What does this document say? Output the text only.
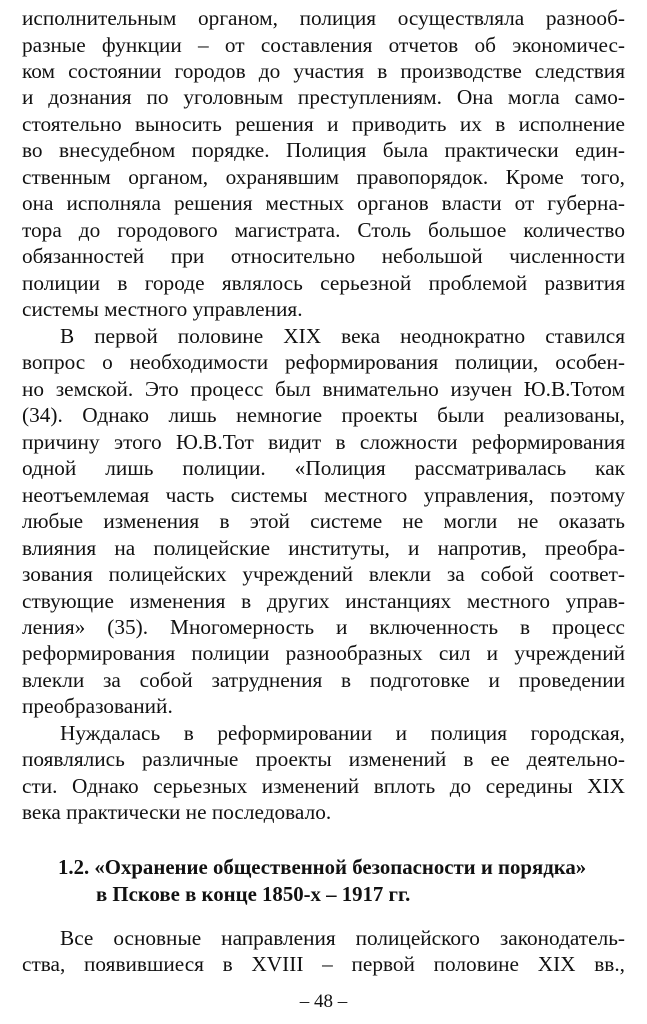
исполнительным органом, полиция осуществляла разнооб-
разные функции – от составления отчетов об экономичес-
ком состоянии городов до участия в производстве следствия
и дознания по уголовным преступлениям. Она могла само-
стоятельно выносить решения и приводить их в исполнение
во внесудебном порядке. Полиция была практически един-
ственным органом, охранявшим правопорядок. Кроме того,
она исполняла решения местных органов власти от губерна-
тора до городового магистрата. Столь большое количество
обязанностей при относительно небольшой численности
полиции в городе являлось серьезной проблемой развития
системы местного управления.
В первой половине XIX века неоднократно ставился
вопрос о необходимости реформирования полиции, особен-
но земской. Это процесс был внимательно изучен Ю.В.Тотом
(34). Однако лишь немногие проекты были реализованы,
причину этого Ю.В.Тот видит в сложности реформирования
одной лишь полиции. «Полиция рассматривалась как
неотъемлемая часть системы местного управления, поэтому
любые изменения в этой системе не могли не оказать
влияния на полицейские институты, и напротив, преобра-
зования полицейских учреждений влекли за собой соответ-
ствующие изменения в других инстанциях местного управ-
ления» (35). Многомерность и включенность в процесс
реформирования полиции разнообразных сил и учреждений
влекли за собой затруднения в подготовке и проведении
преобразований.
Нуждалась в реформировании и полиция городская,
появлялись различные проекты изменений в ее деятельно-
сти. Однако серьезных изменений вплоть до середины XIX
века практически не последовало.
1.2. «Охранение общественной безопасности и порядка»
в Пскове в конце 1850-х – 1917 гг.
Все основные направления полицейского законодатель-
ства, появившиеся в XVIII – первой половине XIX вв.,
– 48 –
